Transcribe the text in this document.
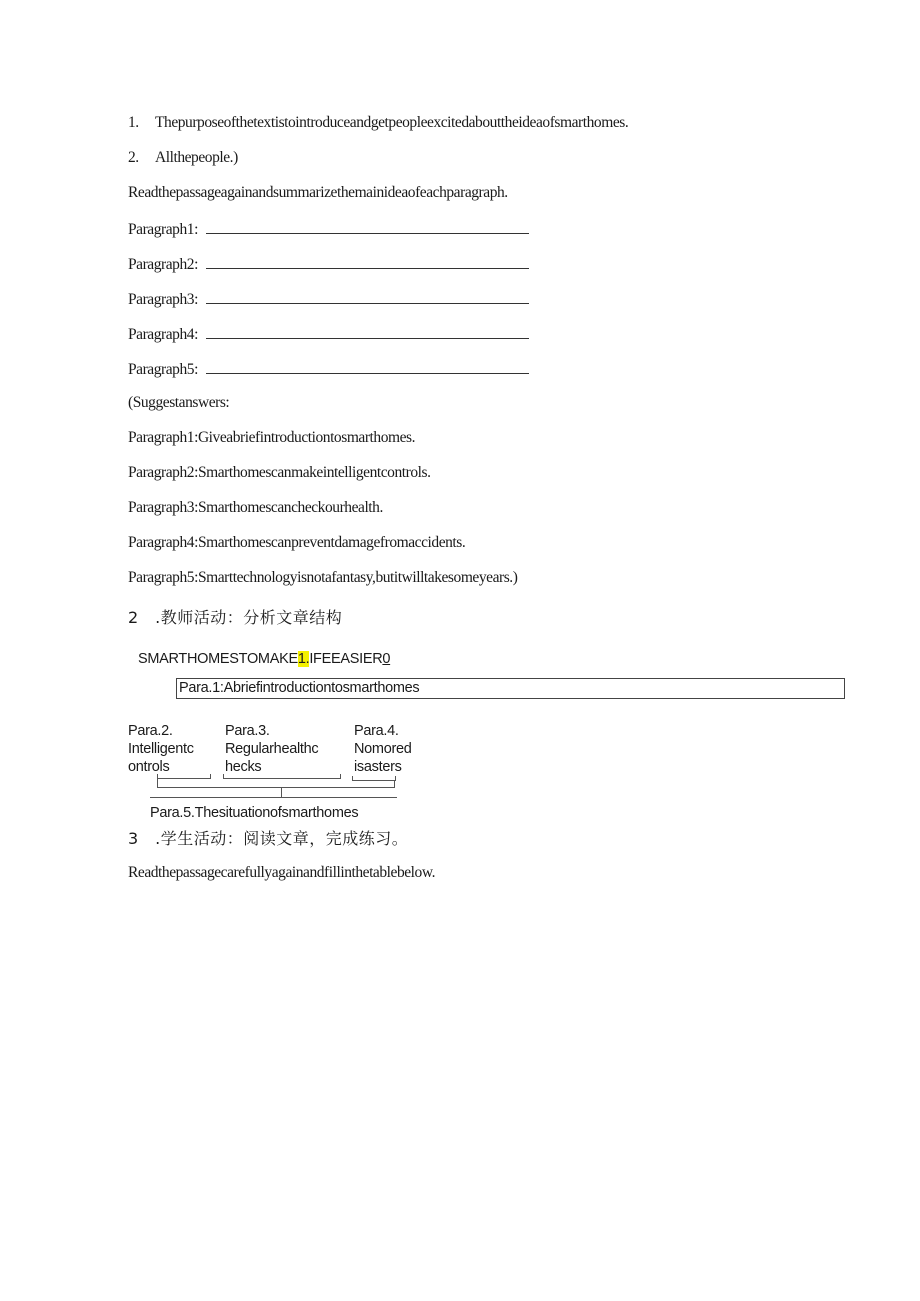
1. Thepurposeofthetextistointroduceandgetpeopleexcitedabouttheideaofsmarthomes.
2. Allthepeople.)
Readthepassageagainandsummarizethemainideaofeachparagraph.
Paragraph1:
Paragraph2:
Paragraph3:
Paragraph4:
Paragraph5:
(Suggestanswers:
Paragraph1:Giveabriefintroductiontosmarthomes.
Paragraph2:Smarthomescanmakeintelligentcontrols.
Paragraph3:Smarthomescancheckourhealth.
Paragraph4:Smarthomescanpreventdamagefromaccidents.
Paragraph5:Smarttechnologyisnotafantasy,butitwilltakesomeyears.)
2　.教师活动：分析文章结构
SMARTHOMESTOMAKE1.IFEEASIER0
Para.1:Abriefintroductiontosmarthomes
Para.2.
Intelligentc
ontrols
Para.3.
Regularhealthc
hecks
Para.4.
Nomored
isasters
Para.5.Thesituationofsmarthomes
3　.学生活动：阅读文章，完成练习。
Readthepassagecarefullyagainandfillinthetablebelow.
